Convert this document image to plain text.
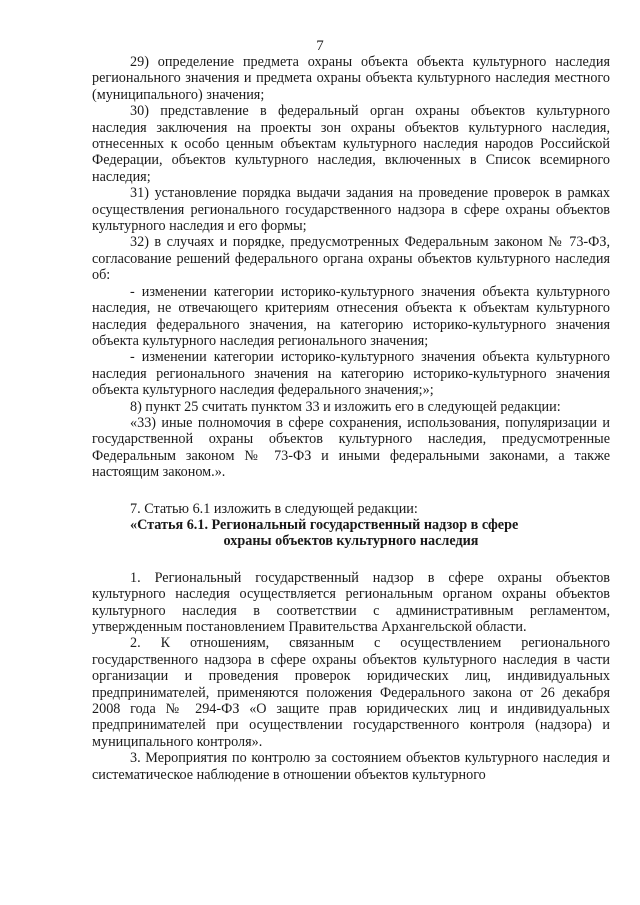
7

29) определение предмета охраны объекта объекта культурного наследия регионального значения и предмета охраны объекта культурного наследия местного (муниципального) значения;

30) представление в федеральный орган охраны объектов культурного наследия заключения на проекты зон охраны объектов культурного наследия, отнесенных к особо ценным объектам культурного наследия народов Российской Федерации, объектов культурного наследия, включенных в Список всемирного наследия;

31) установление порядка выдачи задания на проведение проверок в рамках осуществления регионального государственного надзора в сфере охраны объектов культурного наследия и его формы;

32) в случаях и порядке, предусмотренных Федеральным законом № 73-ФЗ, согласование решений федерального органа охраны объектов культурного наследия об:

- изменении категории историко-культурного значения объекта культурного наследия, не отвечающего критериям отнесения объекта к объектам культурного наследия федерального значения, на категорию историко-культурного значения объекта культурного наследия регионального значения;

- изменении категории историко-культурного значения объекта культурного наследия регионального значения на категорию историко-культурного значения объекта культурного наследия федерального значения;»;

8) пункт 25 считать пунктом 33 и изложить его в следующей редакции:

«33) иные полномочия в сфере сохранения, использования, популяризации и государственной охраны объектов культурного наследия, предусмотренные Федеральным законом № 73-ФЗ и иными федеральными законами, а также настоящим законом.».

7. Статью 6.1 изложить в следующей редакции:

«Статья 6.1. Региональный государственный надзор в сфере
охраны объектов культурного наследия

1. Региональный государственный надзор в сфере охраны объектов культурного наследия осуществляется региональным органом охраны объектов культурного наследия в соответствии с административным регламентом, утвержденным постановлением Правительства Архангельской области.

2. К отношениям, связанным с осуществлением регионального государственного надзора в сфере охраны объектов культурного наследия в части организации и проведения проверок юридических лиц, индивидуальных предпринимателей, применяются положения Федерального закона от 26 декабря 2008 года № 294-ФЗ «О защите прав юридических лиц и индивидуальных предпринимателей при осуществлении государственного контроля (надзора) и муниципального контроля».

3. Мероприятия по контролю за состоянием объектов культурного наследия и систематическое наблюдение в отношении объектов культурного
